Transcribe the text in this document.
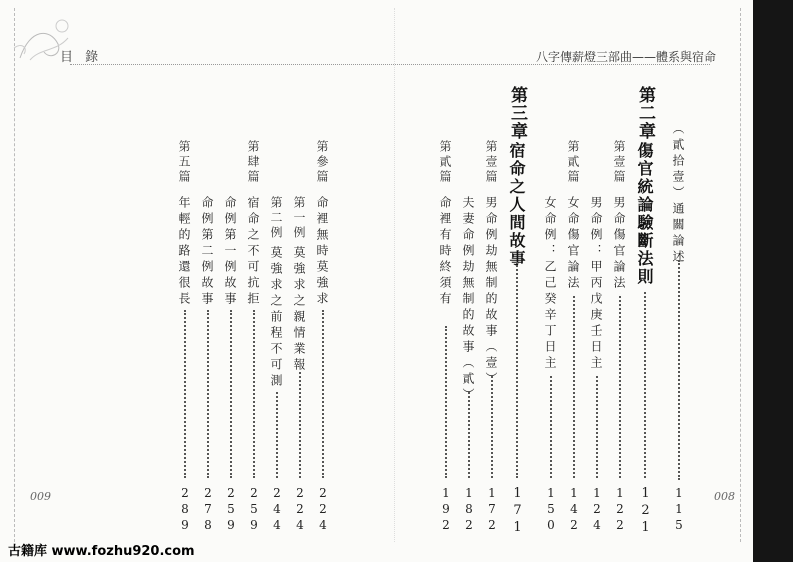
目 錄	八字傳薪燈三部曲——體系與宿命
（貳拾壹）通關論述
115
第二章
傷官統論驗斷法則
121
第壹篇
男命傷官論法
122
男命例：甲丙戊庚壬日主
124
第貳篇
女命傷官論法
142
女命例：乙己癸辛丁日主
150
第三章
宿命之人間故事
171
第壹篇
男命例劫無制的故事（壹）
172
夫妻命例劫無制的故事（貳）
182
第貳篇
命裡有時終須有
192
第參篇
命裡無時莫強求
224
第一例
莫強求之親情業報
224
第二例
莫強求之前程不可測
244
第肆篇
宿命之不可抗拒
259
命例第一例故事
259
命例第二例故事
278
第五篇
年輕的路還很長
289
009	008
古籍库 www.fozhu920.com
